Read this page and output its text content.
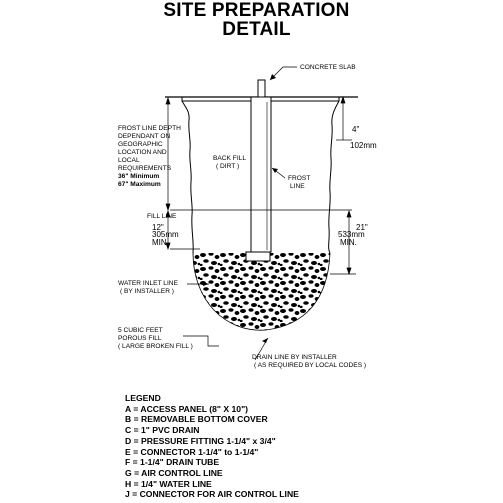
SITE PREPARATION
DETAIL
CONCRETE SLAB
FROST LINE DEPTH
DEPENDANT ON
GEOGRAPHIC
LOCATION AND
LOCAL
REQUIREMENTS
36" Minimum
67" Maximum
BACK FILL
( DIRT )
FROST
LINE
FILL LINE
12"
305mm
MIN.
4"
102mm
21"
533mm
MIN.
WATER INLET LINE
( BY INSTALLER )
5 CUBIC FEET
POROUS FILL
( LARGE BROKEN FILL )
DRAIN LINE BY INSTALLER
( AS REQUIRED BY LOCAL CODES )
LEGEND
A = ACCESS PANEL (8" X 10")
B = REMOVABLE BOTTOM COVER
C = 1" PVC DRAIN
D = PRESSURE FITTING 1-1/4" x 3/4"
E = CONNECTOR 1-1/4" to 1-1/4"
F = 1-1/4" DRAIN TUBE
G = AIR CONTROL LINE
H = 1/4" WATER LINE
J = CONNECTOR FOR AIR CONTROL LINE
